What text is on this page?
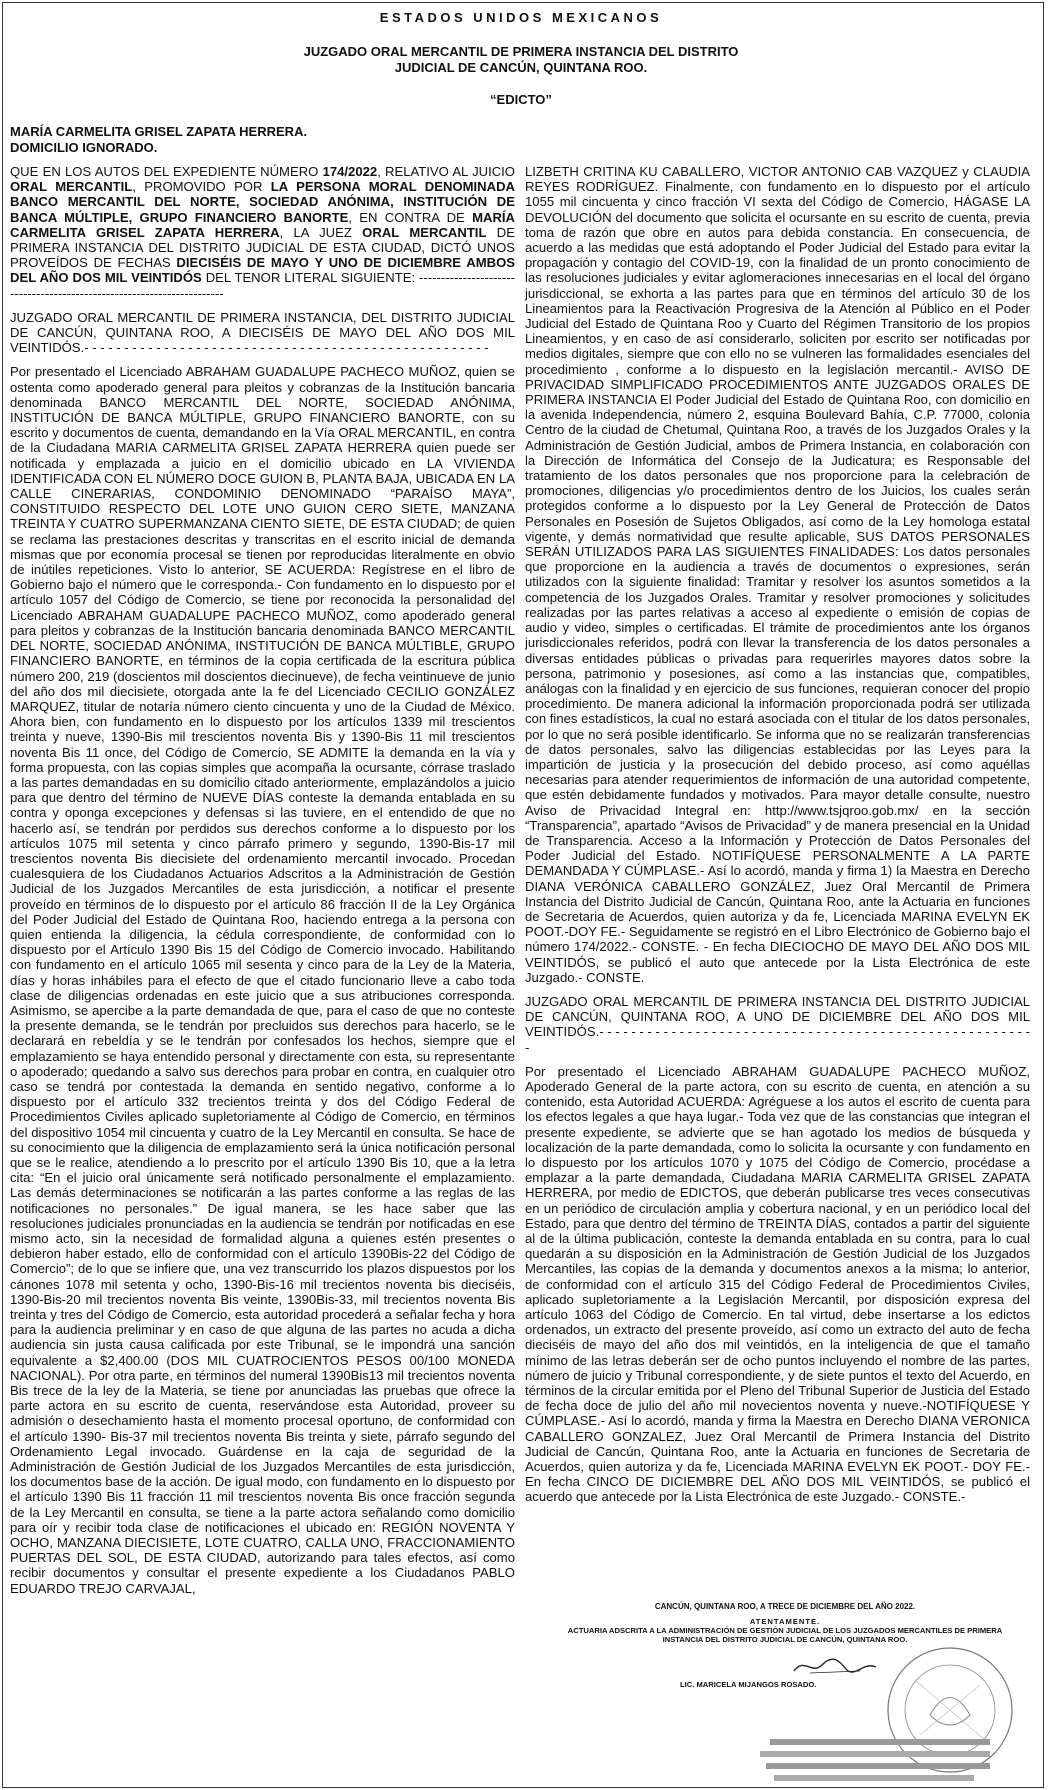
ESTADOS UNIDOS MEXICANOS
JUZGADO ORAL MERCANTIL DE PRIMERA INSTANCIA DEL DISTRITO
JUDICIAL DE CANCÚN, QUINTANA ROO.
“EDICTO”
MARÍA CARMELITA GRISEL ZAPATA HERRERA.
DOMICILIO IGNORADO.

QUE EN LOS AUTOS DEL EXPEDIENTE NÚMERO 174/2022, RELATIVO AL JUICIO ORAL MERCANTIL, PROMOVIDO POR LA PERSONA MORAL DENOMINADA BANCO MERCANTIL DEL NORTE, SOCIEDAD ANÓNIMA, INSTITUCIÓN DE BANCA MÚLTIPLE, GRUPO FINANCIERO BANORTE, EN CONTRA DE MARÍA CARMELITA GRISEL ZAPATA HERRERA, LA JUEZ ORAL MERCANTIL DE PRIMERA INSTANCIA DEL DISTRITO JUDICIAL DE ESTA CIUDAD, DICTÓ UNOS PROVEÍDOS DE FECHAS DIECISÉIS DE MAYO Y UNO DE DICIEMBRE AMBOS DEL AÑO DOS MIL VEINTIDÓS DEL TENOR LITERAL SIGUIENTE: -----------------------------------------------------------------------

JUZGADO ORAL MERCANTIL DE PRIMERA INSTANCIA, DEL DISTRITO JUDICIAL DE CANCÚN, QUINTANA ROO, A DIECISÉIS DE MAYO DEL AÑO DOS MIL VEINTIDÓS.- - - - - - - - - - - - - - - - - - - - - - - - - - - - - - - - - - - - - - - - - - - - - - - - - - -

Por presentado el Licenciado ABRAHAM GUADALUPE PACHECO MUÑOZ, quien se ostenta como apoderado general para pleitos y cobranzas de la Institución bancaria denominada BANCO MERCANTIL DEL NORTE, SOCIEDAD ANÓNIMA, INSTITUCIÓN DE BANCA MÚLTIPLE, GRUPO FINANCIERO BANORTE, con su escrito y documentos de cuenta, demandando en la Vía ORAL MERCANTIL, en contra de la Ciudadana MARIA CARMELITA GRISEL ZAPATA HERRERA quien puede ser notificada y emplazada a juicio en el domicilio ubicado en LA VIVIENDA IDENTIFICADA CON EL NÚMERO DOCE GUION B, PLANTA BAJA, UBICADA EN LA CALLE CINERARIAS, CONDOMINIO DENOMINADO “PARAÍSO MAYA”, CONSTITUIDO RESPECTO DEL LOTE UNO GUION CERO SIETE, MANZANA TREINTA Y CUATRO SUPERMANZANA CIENTO SIETE, DE ESTA CIUDAD; de quien se reclama las prestaciones descritas y transcritas en el escrito inicial de demanda mismas que por economía procesal se tienen por reproducidas literalmente en obvio de inútiles repeticiones. Visto lo anterior, SE ACUERDA: Regístrese en el libro de Gobierno bajo el número que le corresponda.- Con fundamento en lo dispuesto por el artículo 1057 del Código de Comercio, se tiene por reconocida la personalidad del Licenciado ABRAHAM GUADALUPE PACHECO MUÑOZ, como apoderado general para pleitos y cobranzas de la Institución bancaria denominada BANCO MERCANTIL DEL NORTE, SOCIEDAD ANÓNIMA, INSTITUCIÓN DE BANCA MÚLTIBLE, GRUPO FINANCIERO BANORTE, en términos de la copia certificada de la escritura pública número 200, 219 (doscientos mil doscientos diecinueve), de fecha veintinueve de junio del año dos mil diecisiete, otorgada ante la fe del Licenciado CECILIO GONZÁLEZ MARQUEZ, titular de notaría número ciento cincuenta y uno de la Ciudad de México. Ahora bien, con fundamento en lo dispuesto por los artículos 1339 mil trescientos treinta y nueve, 1390-Bis mil trescientos noventa Bis y 1390-Bis 11 mil trescientos noventa Bis 11 once, del Código de Comercio, SE ADMITE la demanda en la vía y forma propuesta, con las copias simples que acompaña la ocursante, córrase traslado a las partes demandadas en su domicilio citado anteriormente, emplazándolos a juicio para que dentro del término de NUEVE DÍAS conteste la demanda entablada en su contra y oponga excepciones y defensas si las tuviere, en el entendido de que no hacerlo así, se tendrán por perdidos sus derechos conforme a lo dispuesto por los artículos 1075 mil setenta y cinco párrafo primero y segundo, 1390-Bis-17 mil trescientos noventa Bis diecisiete del ordenamiento mercantil invocado. Procedan cualesquiera de los Ciudadanos Actuarios Adscritos a la Administración de Gestión Judicial de los Juzgados Mercantiles de esta jurisdicción, a notificar el presente proveído en términos de lo dispuesto por el artículo 86 fracción II de la Ley Orgánica del Poder Judicial del Estado de Quintana Roo, haciendo entrega a la persona con quien entienda la diligencia, la cédula correspondiente, de conformidad con lo dispuesto por el Artículo 1390 Bis 15 del Código de Comercio invocado. Habilitando con fundamento en el artículo 1065 mil sesenta y cinco para de la Ley de la Materia, días y horas inhábiles para el efecto de que el citado funcionario lleve a cabo toda clase de diligencias ordenadas en este juicio que a sus atribuciones corresponda. Asimismo, se apercibe a la parte demandada de que, para el caso de que no conteste la presente demanda, se le tendrán por precluidos sus derechos para hacerlo, se le declarará en rebeldía y se le tendrán por confesados los hechos, siempre que el emplazamiento se haya entendido personal y directamente con esta, su representante o apoderado; quedando a salvo sus derechos para probar en contra, en cualquier otro caso se tendrá por contestada la demanda en sentido negativo, conforme a lo dispuesto por el artículo 332 trecientos treinta y dos del Código Federal de Procedimientos Civiles aplicado supletoriamente al Código de Comercio, en términos del dispositivo 1054 mil cincuenta y cuatro de la Ley Mercantil en consulta. Se hace de su conocimiento que la diligencia de emplazamiento será la única notificación personal que se le realice, atendiendo a lo prescrito por el artículo 1390 Bis 10, que a la letra cita: “En el juicio oral únicamente será notificado personalmente el emplazamiento. Las demás determinaciones se notificarán a las partes conforme a las reglas de las notificaciones no personales.” De igual manera, se les hace saber que las resoluciones judiciales pronunciadas en la audiencia se tendrán por notificadas en ese mismo acto, sin la necesidad de formalidad alguna a quienes estén presentes o debieron haber estado, ello de conformidad con el artículo 1390Bis-22 del Código de Comercio”; de lo que se infiere que, una vez transcurrido los plazos dispuestos por los cánones 1078 mil setenta y ocho, 1390-Bis-16 mil trecientos noventa bis dieciséis, 1390-Bis-20 mil trecientos noventa Bis veinte, 1390Bis-33, mil trecientos noventa Bis treinta y tres del Código de Comercio, esta autoridad procederá a señalar fecha y hora para la audiencia preliminar y en caso de que alguna de las partes no acuda a dicha audiencia sin justa causa calificada por este Tribunal, se le impondrá una sanción equivalente a $2,400.00 (DOS MIL CUATROCIENTOS PESOS 00/100 MONEDA NACIONAL). Por otra parte, en términos del numeral 1390Bis13 mil trecientos noventa Bis trece de la ley de la Materia, se tiene por anunciadas las pruebas que ofrece la parte actora en su escrito de cuenta, reservándose esta Autoridad, proveer su admisión o desechamiento hasta el momento procesal oportuno, de conformidad con el artículo 1390- Bis-37 mil trecientos noventa Bis treinta y siete, párrafo segundo del Ordenamiento Legal invocado. Guárdense en la caja de seguridad de la Administración de Gestión Judicial de los Juzgados Mercantiles de esta jurisdicción, los documentos base de la acción. De igual modo, con fundamento en lo dispuesto por el artículo 1390 Bis 11 fracción 11 mil trescientos noventa Bis once fracción segunda de la Ley Mercantil en consulta, se tiene a la parte actora señalando como domicilio para oír y recibir toda clase de notificaciones el ubicado en: REGIÓN NOVENTA Y OCHO, MANZANA DIECISIETE, LOTE CUATRO, CALLA UNO, FRACCIONAMIENTO PUERTAS DEL SOL, DE ESTA CIUDAD, autorizando para tales efectos, así como recibir documentos y consultar el presente expediente a los Ciudadanos PABLO EDUARDO TREJO CARVAJAL,

LIZBETH CRITINA KU CABALLERO, VICTOR ANTONIO CAB VAZQUEZ y CLAUDIA REYES RODRÍGUEZ. Finalmente, con fundamento en lo dispuesto por el artículo 1055 mil cincuenta y cinco fracción VI sexta del Código de Comercio, HÁGASE LA DEVOLUCIÓN del documento que solicita el ocursante en su escrito de cuenta, previa toma de razón que obre en autos para debida constancia. En consecuencia, de acuerdo a las medidas que está adoptando el Poder Judicial del Estado para evitar la propagación y contagio del COVID-19, con la finalidad de un pronto conocimiento de las resoluciones judiciales y evitar aglomeraciones innecesarias en el local del órgano jurisdiccional, se exhorta a las partes para que en términos del artículo 30 de los Lineamientos para la Reactivación Progresiva de la Atención al Público en el Poder Judicial del Estado de Quintana Roo y Cuarto del Régimen Transitorio de los propios Lineamientos, y en caso de así considerarlo, soliciten por escrito ser notificadas por medios digitales, siempre que con ello no se vulneren las formalidades esenciales del procedimiento , conforme a lo dispuesto en la legislación mercantil.- AVISO DE PRIVACIDAD SIMPLIFICADO PROCEDIMIENTOS ANTE JUZGADOS ORALES DE PRIMERA INSTANCIA El Poder Judicial del Estado de Quintana Roo, con domicilio en la avenida Independencia, número 2, esquina Boulevard Bahía, C.P. 77000, colonia Centro de la ciudad de Chetumal, Quintana Roo, a través de los Juzgados Orales y la Administración de Gestión Judicial, ambos de Primera Instancia, en colaboración con la Dirección de Informática del Consejo de la Judicatura; es Responsable del tratamiento de los datos personales que nos proporcione para la celebración de promociones, diligencias y/o procedimientos dentro de los Juicios, los cuales serán protegidos conforme a lo dispuesto por la Ley General de Protección de Datos Personales en Posesión de Sujetos Obligados, así como de la Ley homologa estatal vigente, y demás normatividad que resulte aplicable, SUS DATOS PERSONALES SERÁN UTILIZADOS PARA LAS SIGUIENTES FINALIDADES: Los datos personales que proporcione en la audiencia a través de documentos o expresiones, serán utilizados con la siguiente finalidad: Tramitar y resolver los asuntos sometidos a la competencia de los Juzgados Orales. Tramitar y resolver promociones y solicitudes realizadas por las partes relativas a acceso al expediente o emisión de copias de audio y video, simples o certificadas. El trámite de procedimientos ante los órganos jurisdiccionales referidos, podrá con llevar la transferencia de los datos personales a diversas entidades públicas o privadas para requerirles mayores datos sobre la persona, patrimonio y posesiones, así como a las instancias que, compatibles, análogas con la finalidad y en ejercicio de sus funciones, requieran conocer del propio procedimiento. De manera adicional la información proporcionada podrá ser utilizada con fines estadísticos, la cual no estará asociada con el titular de los datos personales, por lo que no será posible identificarlo. Se informa que no se realizarán transferencias de datos personales, salvo las diligencias establecidas por las Leyes para la impartición de justicia y la prosecución del debido proceso, así como aquéllas necesarias para atender requerimientos de información de una autoridad competente, que estén debidamente fundados y motivados. Para mayor detalle consulte, nuestro Aviso de Privacidad Integral en: http://www.tsjqroo.gob.mx/ en la sección “Transparencia”, apartado “Avisos de Privacidad” y de manera presencial en la Unidad de Transparencia. Acceso a la Información y Protección de Datos Personales del Poder Judicial del Estado. NOTIFÍQUESE PERSONALMENTE A LA PARTE DEMANDADA Y CÚMPLASE.- Así lo acordó, manda y firma 1) la Maestra en Derecho DIANA VERÓNICA CABALLERO GONZÁLEZ, Juez Oral Mercantil de Primera Instancia del Distrito Judicial de Cancún, Quintana Roo, ante la Actuaria en funciones de Secretaria de Acuerdos, quien autoriza y da fe, Licenciada MARINA EVELYN EK POOT.-DOY FE.- Seguidamente se registró en el Libro Electrónico de Gobierno bajo el número 174/2022.- CONSTE. - En fecha DIECIOCHO DE MAYO DEL AÑO DOS MIL VEINTIDÓS, se publicó el auto que antecede por la Lista Electrónica de este Juzgado.- CONSTE.

JUZGADO ORAL MERCANTIL DE PRIMERA INSTANCIA DEL DISTRITO JUDICIAL DE CANCÚN, QUINTANA ROO, A UNO DE DICIEMBRE DEL AÑO DOS MIL VEINTIDÓS.- - - - - - - - - - - - - - - - - - - - - - - - - - - - - - - - - - - - - - - - - - - - - - - - - - - - - - -

Por presentado el Licenciado ABRAHAM GUADALUPE PACHECO MUÑOZ, Apoderado General de la parte actora, con su escrito de cuenta, en atención a su contenido, esta Autoridad ACUERDA: Agréguese a los autos el escrito de cuenta para los efectos legales a que haya lugar.- Toda vez que de las constancias que integran el presente expediente, se advierte que se han agotado los medios de búsqueda y localización de la parte demandada, como lo solicita la ocursante y con fundamento en lo dispuesto por los artículos 1070 y 1075 del Código de Comercio, procédase a emplazar a la parte demandada, Ciudadana MARIA CARMELITA GRISEL ZAPATA HERRERA, por medio de EDICTOS, que deberán publicarse tres veces consecutivas en un periódico de circulación amplia y cobertura nacional, y en un periódico local del Estado, para que dentro del término de TREINTA DÍAS, contados a partir del siguiente al de la última publicación, conteste la demanda entablada en su contra, para lo cual quedarán a su disposición en la Administración de Gestión Judicial de los Juzgados Mercantiles, las copias de la demanda y documentos anexos a la misma; lo anterior, de conformidad con el artículo 315 del Código Federal de Procedimientos Civiles, aplicado supletoriamente a la Legislación Mercantil, por disposición expresa del artículo 1063 del Código de Comercio. En tal virtud, debe insertarse a los edictos ordenados, un extracto del presente proveído, así como un extracto del auto de fecha dieciséis de mayo del año dos mil veintidós, en la inteligencia de que el tamaño mínimo de las letras deberán ser de ocho puntos incluyendo el nombre de las partes, número de juicio y Tribunal correspondiente, y de siete puntos el texto del Acuerdo, en términos de la circular emitida por el Pleno del Tribunal Superior de Justicia del Estado de fecha doce de julio del año mil novecientos noventa y nueve.-NOTIFÍQUESE Y CÚMPLASE.- Así lo acordó, manda y firma la Maestra en Derecho DIANA VERONICA CABALLERO GONZALEZ, Juez Oral Mercantil de Primera Instancia del Distrito Judicial de Cancún, Quintana Roo, ante la Actuaria en funciones de Secretaria de Acuerdos, quien autoriza y da fe, Licenciada MARINA EVELYN EK POOT.- DOY FE.- En fecha CINCO DE DICIEMBRE DEL AÑO DOS MIL VEINTIDÓS, se publicó el acuerdo que antecede por la Lista Electrónica de este Juzgado.- CONSTE.-

CANCÚN, QUINTANA ROO, A TRECE DE DICIEMBRE DEL AÑO 2022.
ATENTAMENTE.
ACTUARIA ADSCRITA A LA ADMINISTRACIÓN DE GESTIÓN JUDICIAL DE LOS JUZGADOS MERCANTILES DE PRIMERA
INSTANCIA DEL DISTRITO JUDICIAL DE CANCÚN, QUINTANA ROO.
LIC. MARICELA MIJANGOS ROSADO.
